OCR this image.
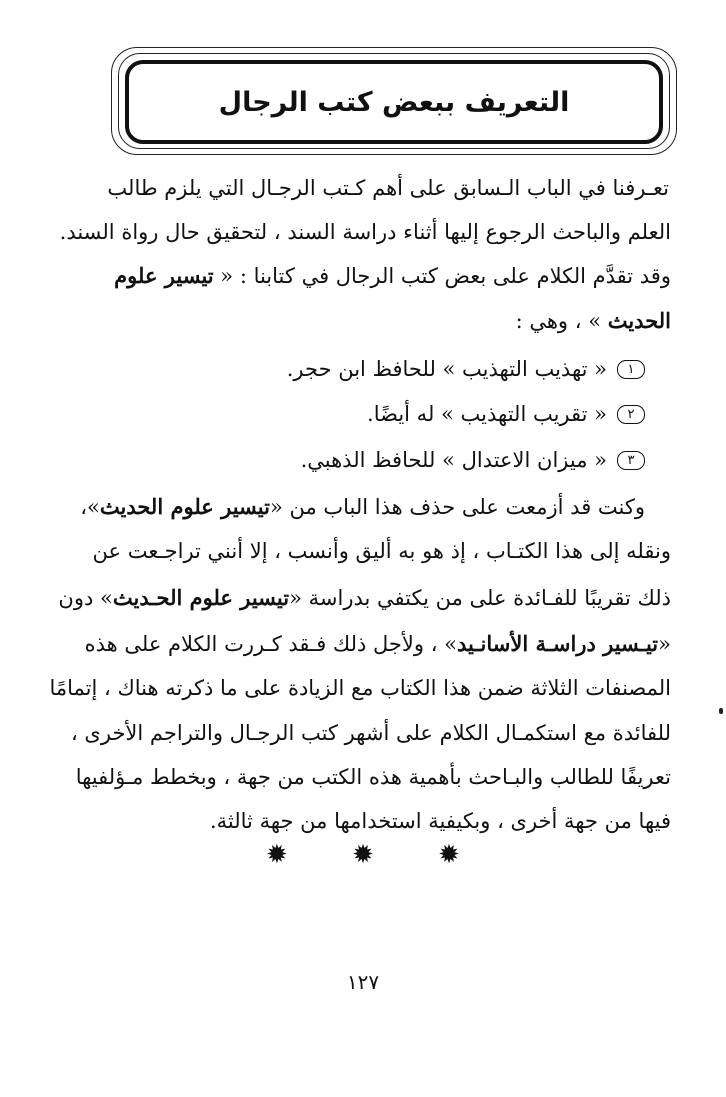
التعريف ببعض كتب الرجال
تعـرفنا في الباب الـسابق على أهم كـتب الرجـال التي يلزم طالب
العلم والباحث الرجوع إليها أثناء دراسة السند ، لتحقيق حال رواة السند.
وقد تقدَّم الكلام على بعض كتب الرجال في كتابنا : « تيسير علوم
الحديث » ، وهي :
١
« تهذيب التهذيب » للحافظ ابن حجر.
٢
« تقريب التهذيب » له أيضًا.
٣
« ميزان الاعتدال » للحافظ الذهبي.
وكنت قد أزمعت على حذف هذا الباب من «تيسير علوم الحديث»،
ونقله إلى هذا الكتـاب ، إذ هو به أليق وأنسب ، إلا أنني تراجـعت عن
ذلك تقريبًا للفـائدة على من يكتفي بدراسة «تيسير علوم الحـديث» دون
«تيـسير دراسـة الأسانـيد» ، ولأجل ذلك فـقد كـررت الكلام على هذه
المصنفات الثلاثة ضمن هذا الكتاب مع الزيادة على ما ذكرته هناك ، إتمامًا
للفائدة مع استكمـال الكلام على أشهر كتب الرجـال والتراجم الأخرى ،
تعريفًا للطالب والبـاحث بأهمية هذه الكتب من جهة ، وبخطط مـؤلفيها
فيها من جهة أخرى ، وبكيفية استخدامها من جهة ثالثة.
✹ ✹ ✹
١٢٧
